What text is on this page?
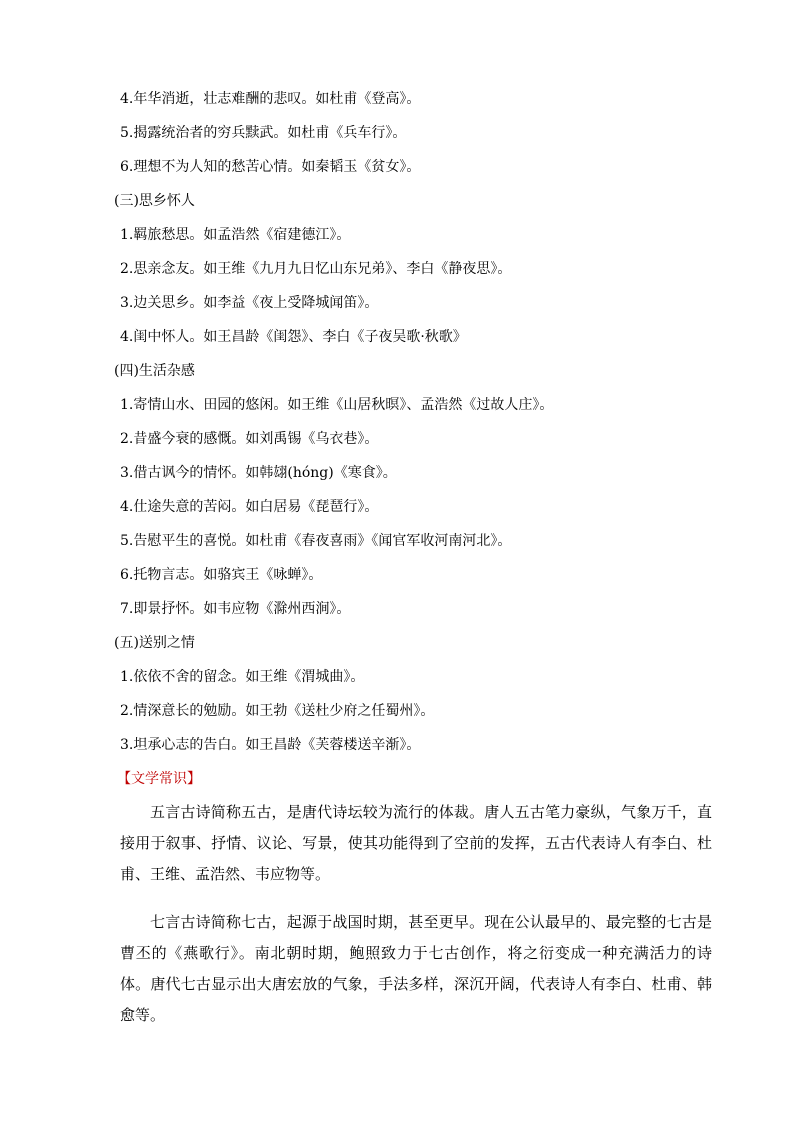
4.年华消逝，壮志难酬的悲叹。如杜甫《登高》。
5.揭露统治者的穷兵黩武。如杜甫《兵车行》。
6.理想不为人知的愁苦心情。如秦韬玉《贫女》。
(三)思乡怀人
1.羁旅愁思。如孟浩然《宿建德江》。
2.思亲念友。如王维《九月九日忆山东兄弟》、李白《静夜思》。
3.边关思乡。如李益《夜上受降城闻笛》。
4.闺中怀人。如王昌龄《闺怨》、李白《子夜吴歌·秋歌》
(四)生活杂感
1.寄情山水、田园的悠闲。如王维《山居秋暝》、孟浩然《过故人庄》。
2.昔盛今衰的感慨。如刘禹锡《乌衣巷》。
3.借古讽今的情怀。如韩翃(hóng)《寒食》。
4.仕途失意的苦闷。如白居易《琵琶行》。
5.告慰平生的喜悦。如杜甫《春夜喜雨》《闻官军收河南河北》。
6.托物言志。如骆宾王《咏蝉》。
7.即景抒怀。如韦应物《滁州西涧》。
(五)送别之情
1.依依不舍的留念。如王维《渭城曲》。
2.情深意长的勉励。如王勃《送杜少府之任蜀州》。
3.坦承心志的告白。如王昌龄《芙蓉楼送辛渐》。
【文学常识】

五言古诗简称五古，是唐代诗坛较为流行的体裁。唐人五古笔力豪纵，气象万千，直接用于叙事、抒情、议论、写景，使其功能得到了空前的发挥，五古代表诗人有李白、杜甫、王维、孟浩然、韦应物等。

七言古诗简称七古，起源于战国时期，甚至更早。现在公认最早的、最完整的七古是曹丕的《燕歌行》。南北朝时期，鲍照致力于七古创作，将之衍变成一种充满活力的诗体。唐代七古显示出大唐宏放的气象，手法多样，深沉开阔，代表诗人有李白、杜甫、韩愈等。
